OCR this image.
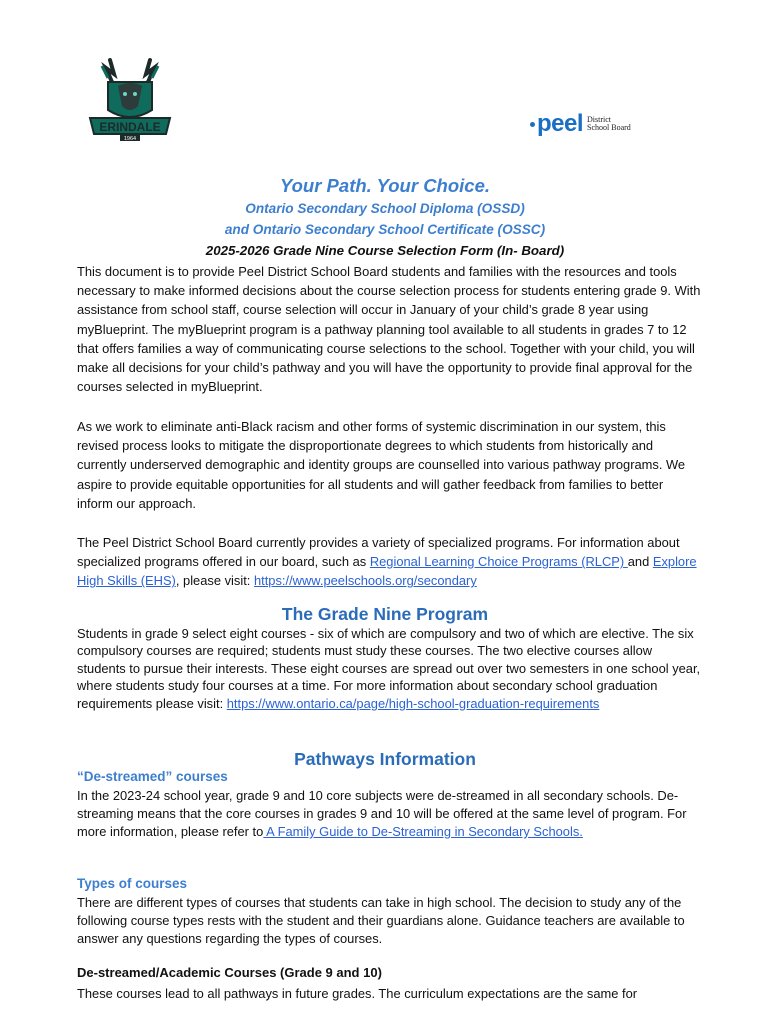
ERINDALE
1964
peel District
School Board
Your Path. Your Choice.
Ontario Secondary School Diploma (OSSD)
and Ontario Secondary School Certificate (OSSC)
2025-2026 Grade Nine Course Selection Form (In- Board)
This document is to provide Peel District School Board students and families with the resources and tools necessary to make informed decisions about the course selection process for students entering grade 9. With assistance from school staff, course selection will occur in January of your child’s grade 8 year using myBlueprint. The myBlueprint program is a pathway planning tool available to all students in grades 7 to 12 that offers families a way of communicating course selections to the school. Together with your child, you will make all decisions for your child’s pathway and you will have the opportunity to provide final approval for the courses selected in myBlueprint.
As we work to eliminate anti-Black racism and other forms of systemic discrimination in our system, this revised process looks to mitigate the disproportionate degrees to which students from historically and currently underserved demographic and identity groups are counselled into various pathway programs. We aspire to provide equitable opportunities for all students and will gather feedback from families to better inform our approach.
The Peel District School Board currently provides a variety of specialized programs. For information about specialized programs offered in our board, such as Regional Learning Choice Programs (RLCP) and Explore High Skills (EHS), please visit: https://www.peelschools.org/secondary
The Grade Nine Program
Students in grade 9 select eight courses - six of which are compulsory and two of which are elective. The six compulsory courses are required; students must study these courses. The two elective courses allow students to pursue their interests. These eight courses are spread out over two semesters in one school year, where students study four courses at a time. For more information about secondary school graduation requirements please visit: https://www.ontario.ca/page/high-school-graduation-requirements
Pathways Information
“De-streamed” courses
In the 2023-24 school year, grade 9 and 10 core subjects were de-streamed in all secondary schools. De-streaming means that the core courses in grades 9 and 10 will be offered at the same level of program. For more information, please refer to A Family Guide to De-Streaming in Secondary Schools.
Types of courses
There are different types of courses that students can take in high school. The decision to study any of the following course types rests with the student and their guardians alone. Guidance teachers are available to answer any questions regarding the types of courses.
De-streamed/Academic Courses (Grade 9 and 10)
These courses lead to all pathways in future grades. The curriculum expectations are the same for
